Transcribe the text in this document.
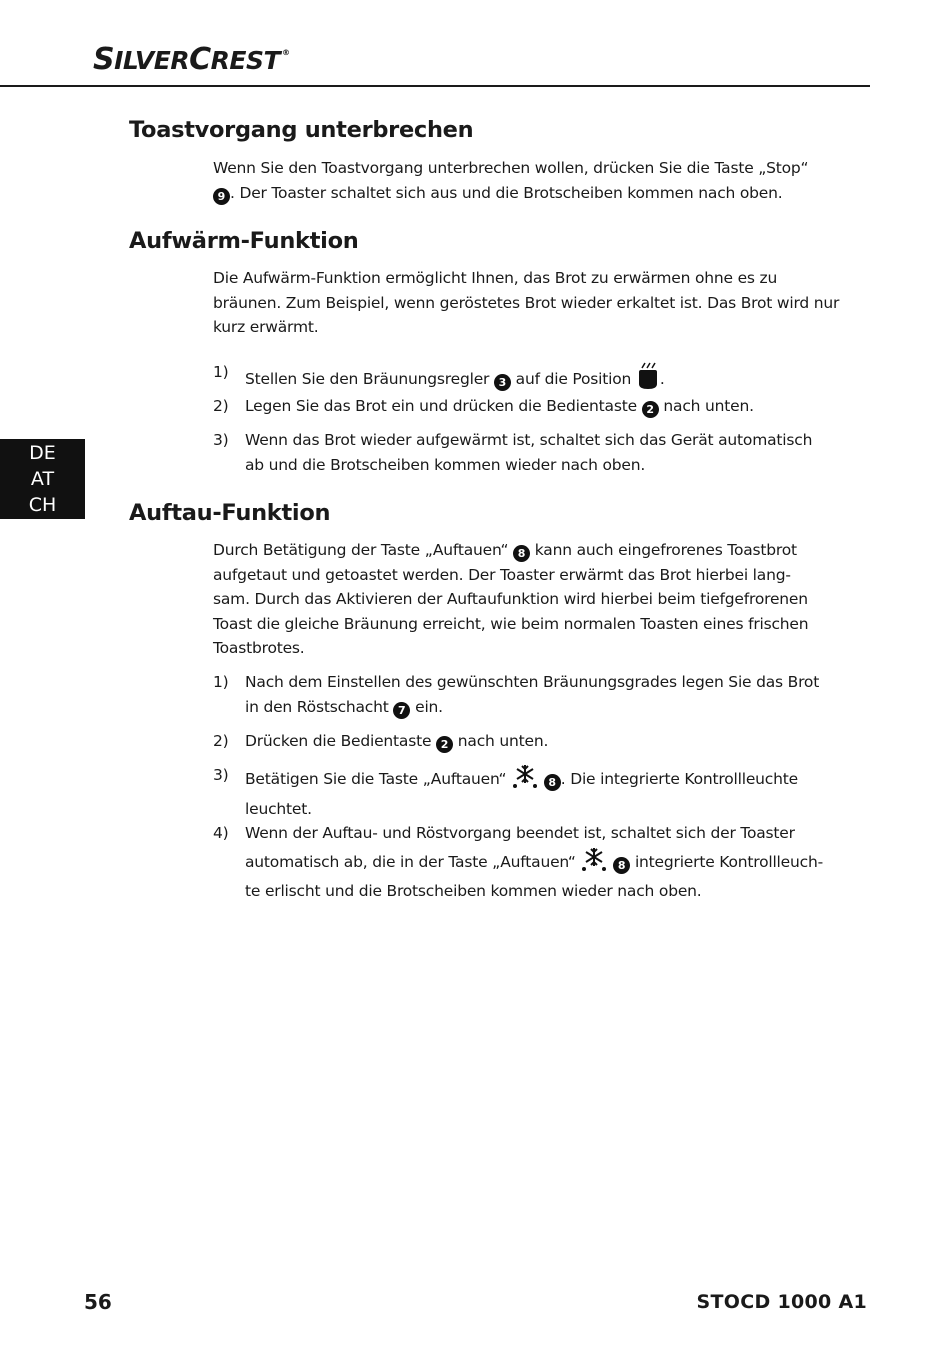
SILVERCREST ®
DE
AT
CH
Toastvorgang unterbrechen
Wenn Sie den Toastvorgang unterbrechen wollen, drücken Sie die Taste „Stop“
9 . Der Toaster schaltet sich aus und die Brotscheiben kommen nach oben.
Aufwärm-Funktion
Die Aufwärm-Funktion ermöglicht Ihnen, das Brot zu erwärmen ohne es zu
bräunen. Zum Beispiel, wenn geröstetes Brot wieder erkaltet ist. Das Brot wird nur
kurz erwärmt.
1) Stellen Sie den Bräunungsregler 3 auf die Position .
2) Legen Sie das Brot ein und drücken die Bedientaste 2 nach unten.
3) Wenn das Brot wieder aufgewärmt ist, schaltet sich das Gerät automatisch
ab und die Brotscheiben kommen wieder nach oben.
Auftau-Funktion
Durch Betätigung der Taste „Auftauen“ 8 kann auch eingefrorenes Toastbrot
aufgetaut und getoastet werden. Der Toaster erwärmt das Brot hierbei lang-
sam. Durch das Aktivieren der Auftaufunktion wird hierbei beim tiefgefrorenen
Toast die gleiche Bräunung erreicht, wie beim normalen Toasten eines frischen
Toastbrotes.
1) Nach dem Einstellen des gewünschten Bräunungsgrades legen Sie das Brot
in den Röstschacht 7 ein.
2) Drücken die Bedientaste 2 nach unten.
3) Betätigen Sie die Taste „Auftauen“	8 . Die integrierte Kontrollleuchte
leuchtet.
4) Wenn der Auftau- und Röstvorgang beendet ist, schaltet sich der Toaster
automatisch ab, die in der Taste „Auftauen“	8 integrierte Kontrollleuch-
te erlischt und die Brotscheiben kommen wieder nach oben.
56	STOCD 1000 A1
